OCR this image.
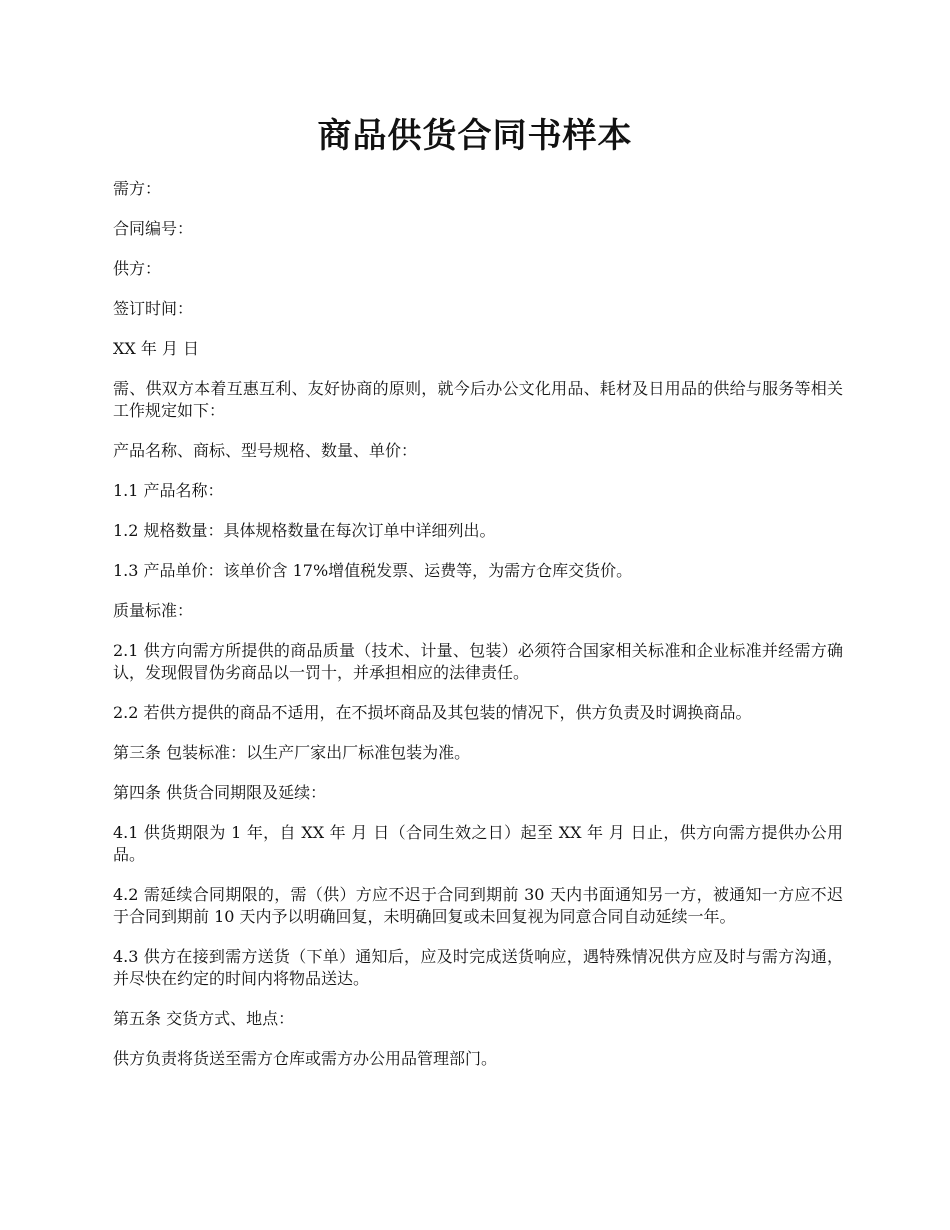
商品供货合同书样本

需方：

合同编号：

供方：

签订时间：

XX 年 月 日

需、供双方本着互惠互利、友好协商的原则，就今后办公文化用品、耗材及日用品的供给与服务等相关工作规定如下：

产品名称、商标、型号规格、数量、单价：

1.1 产品名称：

1.2 规格数量：具体规格数量在每次订单中详细列出。

1.3 产品单价：该单价含 17%增值税发票、运费等，为需方仓库交货价。

质量标准：

2.1 供方向需方所提供的商品质量（技术、计量、包装）必须符合国家相关标准和企业标准并经需方确认，发现假冒伪劣商品以一罚十，并承担相应的法律责任。

2.2 若供方提供的商品不适用，在不损坏商品及其包装的情况下，供方负责及时调换商品。

第三条 包装标准：以生产厂家出厂标准包装为准。

第四条 供货合同期限及延续：

4.1 供货期限为 1 年，自 XX 年 月 日（合同生效之日）起至 XX 年 月 日止，供方向需方提供办公用品。

4.2 需延续合同期限的，需（供）方应不迟于合同到期前 30 天内书面通知另一方，被通知一方应不迟于合同到期前 10 天内予以明确回复，未明确回复或未回复视为同意合同自动延续一年。

4.3 供方在接到需方送货（下单）通知后，应及时完成送货响应，遇特殊情况供方应及时与需方沟通，并尽快在约定的时间内将物品送达。

第五条 交货方式、地点：

供方负责将货送至需方仓库或需方办公用品管理部门。
